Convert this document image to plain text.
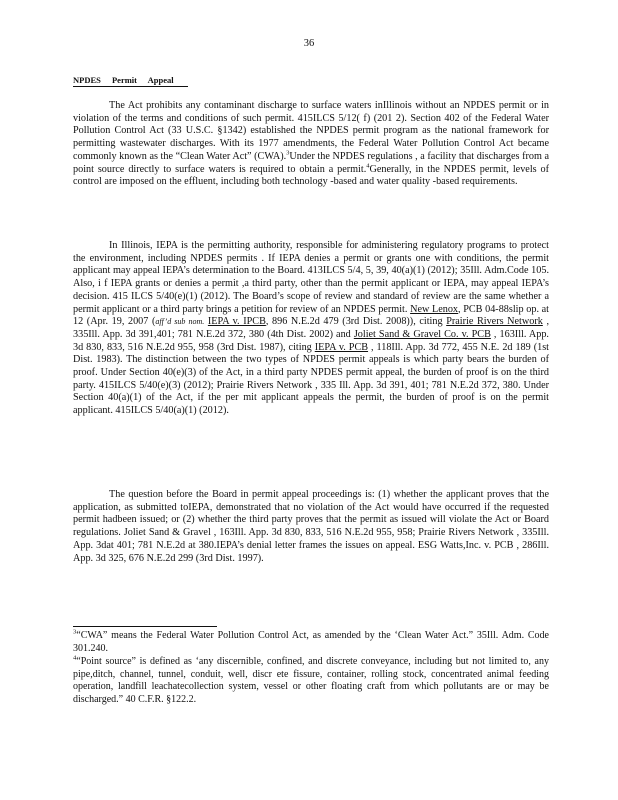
36
NPDES Permit Appeal

The Act prohibits any contaminant discharge to surface waters inIllinois without an NPDES permit or in violation of the terms and conditions of such permit. 415ILCS 5/12( f) (201 2). Section 402 of the Federal Water Pollution Control Act (33 U.S.C. §1342) established the NPDES permit program as the national framework for permitting wastewater discharges. With its 1977 amendments, the Federal Water Pollution Control Act became commonly known as the “Clean Water Act” (CWA).$^3$Under the NPDES regulations , a facility that discharges from a point source directly to surface waters is required to obtain a permit.$^4$Generally, in the NPDES permit, levels of control are imposed on the effluent, including both technology -based and water quality -based requirements.

In Illinois, IEPA is the permitting authority, responsible for administering regulatory programs to protect the environment, including NPDES permits . If IEPA denies a permit or grants one with conditions, the permit applicant may appeal IEPA’s determination to the Board. 413ILCS 5/4, 5, 39, 40(a)(1) (2012); 35Ill. Adm.Code 105. Also, i f IEPA grants or denies a permit ,a third party, other than the permit applicant or IEPA, may appeal IEPA’s decision. 415 ILCS 5/40(e)(1) (2012). The Board’s scope of review and standard of review are the same whether a permit applicant or a third party brings a petition for review of an NPDES permit. New Lenox, PCB 04-88slip op. at 12 (Apr. 19, 2007 (aff’d sub nom. IEPA v. IPCB, 896 N.E.2d 479 (3rd Dist. 2008)), citing Prairie Rivers Network , 335Ill. App. 3d 391,401; 781 N.E.2d 372, 380 (4th Dist. 2002) and Joliet Sand & Gravel Co. v. PCB , 163Ill. App. 3d 830, 833, 516 N.E.2d 955, 958 (3rd Dist. 1987), citing IEPA v. PCB , 118Ill. App. 3d 772, 455 N.E. 2d 189 (1st Dist. 1983). The distinction between the two types of NPDES permit appeals is which party bears the burden of proof. Under Section 40(e)(3) of the Act, in a third party NPDES permit appeal, the burden of proof is on the third party. 415ILCS 5/40(e)(3) (2012); Prairie Rivers Network , 335 Ill. App. 3d 391, 401; 781 N.E.2d 372, 380. Under Section 40(a)(1) of the Act, if the per mit applicant appeals the permit, the burden of proof is on the permit applicant. 415ILCS 5/40(a)(1) (2012).

The question before the Board in permit appeal proceedings is: (1) whether the applicant proves that the application, as submitted toIEPA, demonstrated that no violation of the Act would have occurred if the requested permit hadbeen issued; or (2) whether the third party proves that the permit as issued will violate the Act or Board regulations. Joliet Sand & Gravel , 163Ill. App. 3d 830, 833, 516 N.E.2d 955, 958; Prairie Rivers Network , 335Ill. App. 3dat 401; 781 N.E.2d at 380.IEPA’s denial letter frames the issues on appeal. ESG Watts,Inc. v. PCB , 286Ill. App. 3d 325, 676 N.E.2d 299 (3rd Dist. 1997).

$^3$“CWA” means the Federal Water Pollution Control Act, as amended by the ‘Clean Water Act.” 35Ill. Adm. Code 301.240.

$^4$“Point source” is defined as ‘any discernible, confined, and discrete conveyance, including but not limited to, any pipe,ditch, channel, tunnel, conduit, well, discr ete fissure, container, rolling stock, concentrated animal feeding operation, landfill leachatecollection system, vessel or other floating craft from which pollutants are or may be discharged.” 40 C.F.R. §122.2.
